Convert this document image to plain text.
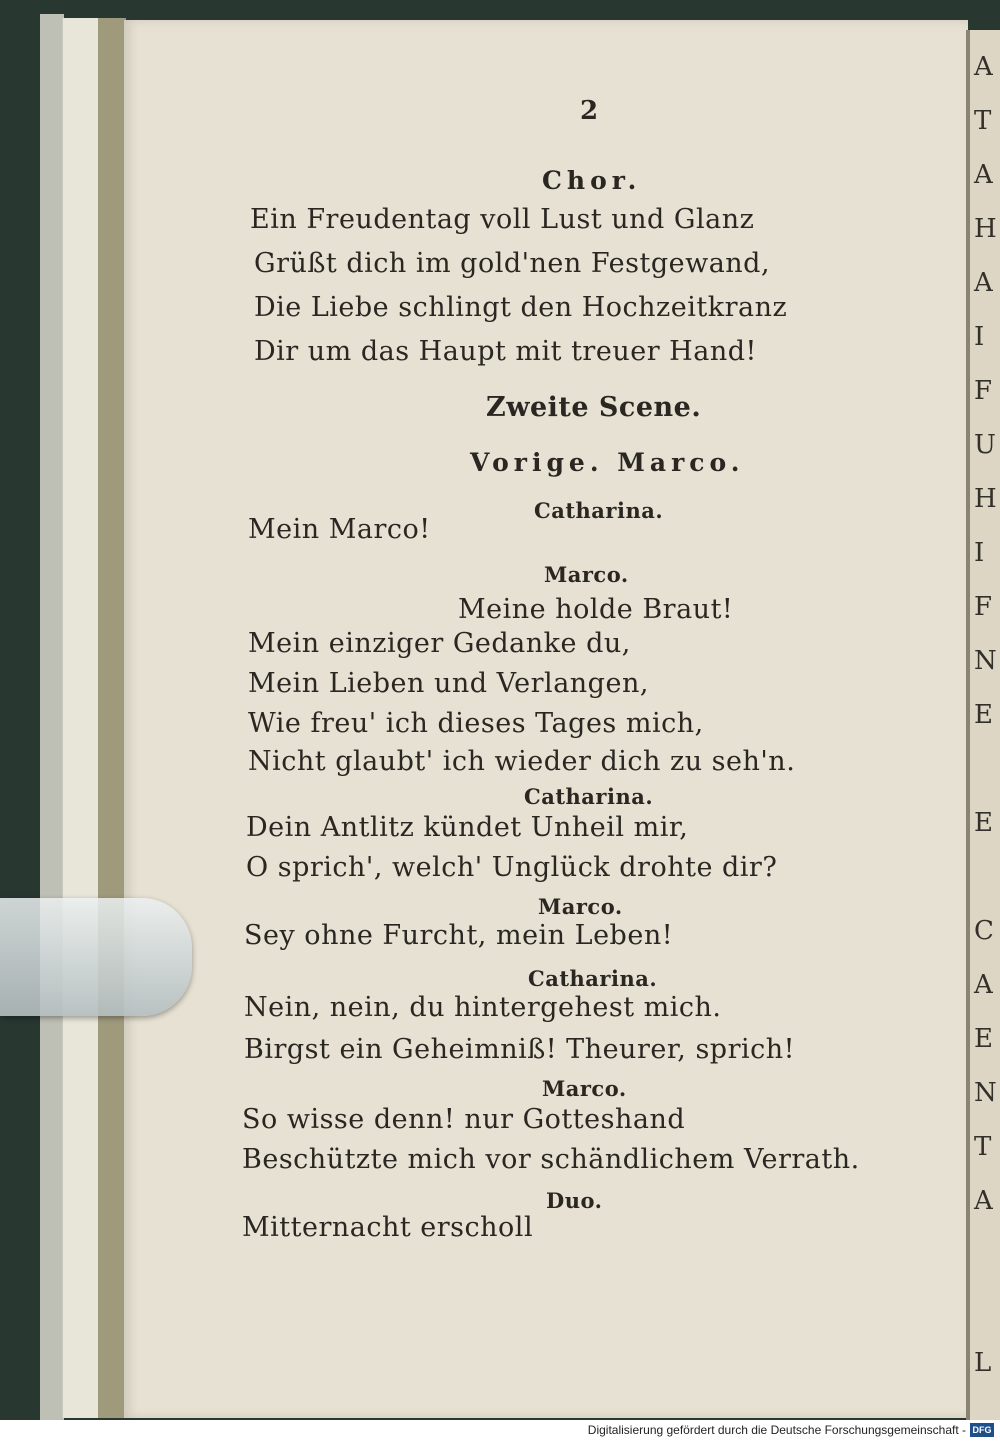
2
Chor.
Ein Freudentag voll Lust und Glanz
Grüßt dich im gold'nen Festgewand,
Die Liebe schlingt den Hochzeitkranz
Dir um das Haupt mit treuer Hand!
Zweite Scene.
Vorige. Marco.
Catharina.
Mein Marco!
Marco.
Meine holde Braut!
Mein einziger Gedanke du,
Mein Lieben und Verlangen,
Wie freu' ich dieses Tages mich,
Nicht glaubt' ich wieder dich zu seh'n.
Catharina.
Dein Antlitz kündet Unheil mir,
O sprich', welch' Unglück drohte dir?
Marco.
Sey ohne Furcht, mein Leben!
Catharina.
Nein, nein, du hintergehest mich.
Birgst ein Geheimniß! Theurer, sprich!
Marco.
So wisse denn! nur Gotteshand
Beschützte mich vor schändlichem Verrath.
Duo.
Mitternacht erscholl
A
T
A
H
A
I
F
U
H
I
F
N
E
E
C
A
E
N
T
A
L
Digitalisierung gefördert durch die Deutsche Forschungsgemeinschaft - DFG
